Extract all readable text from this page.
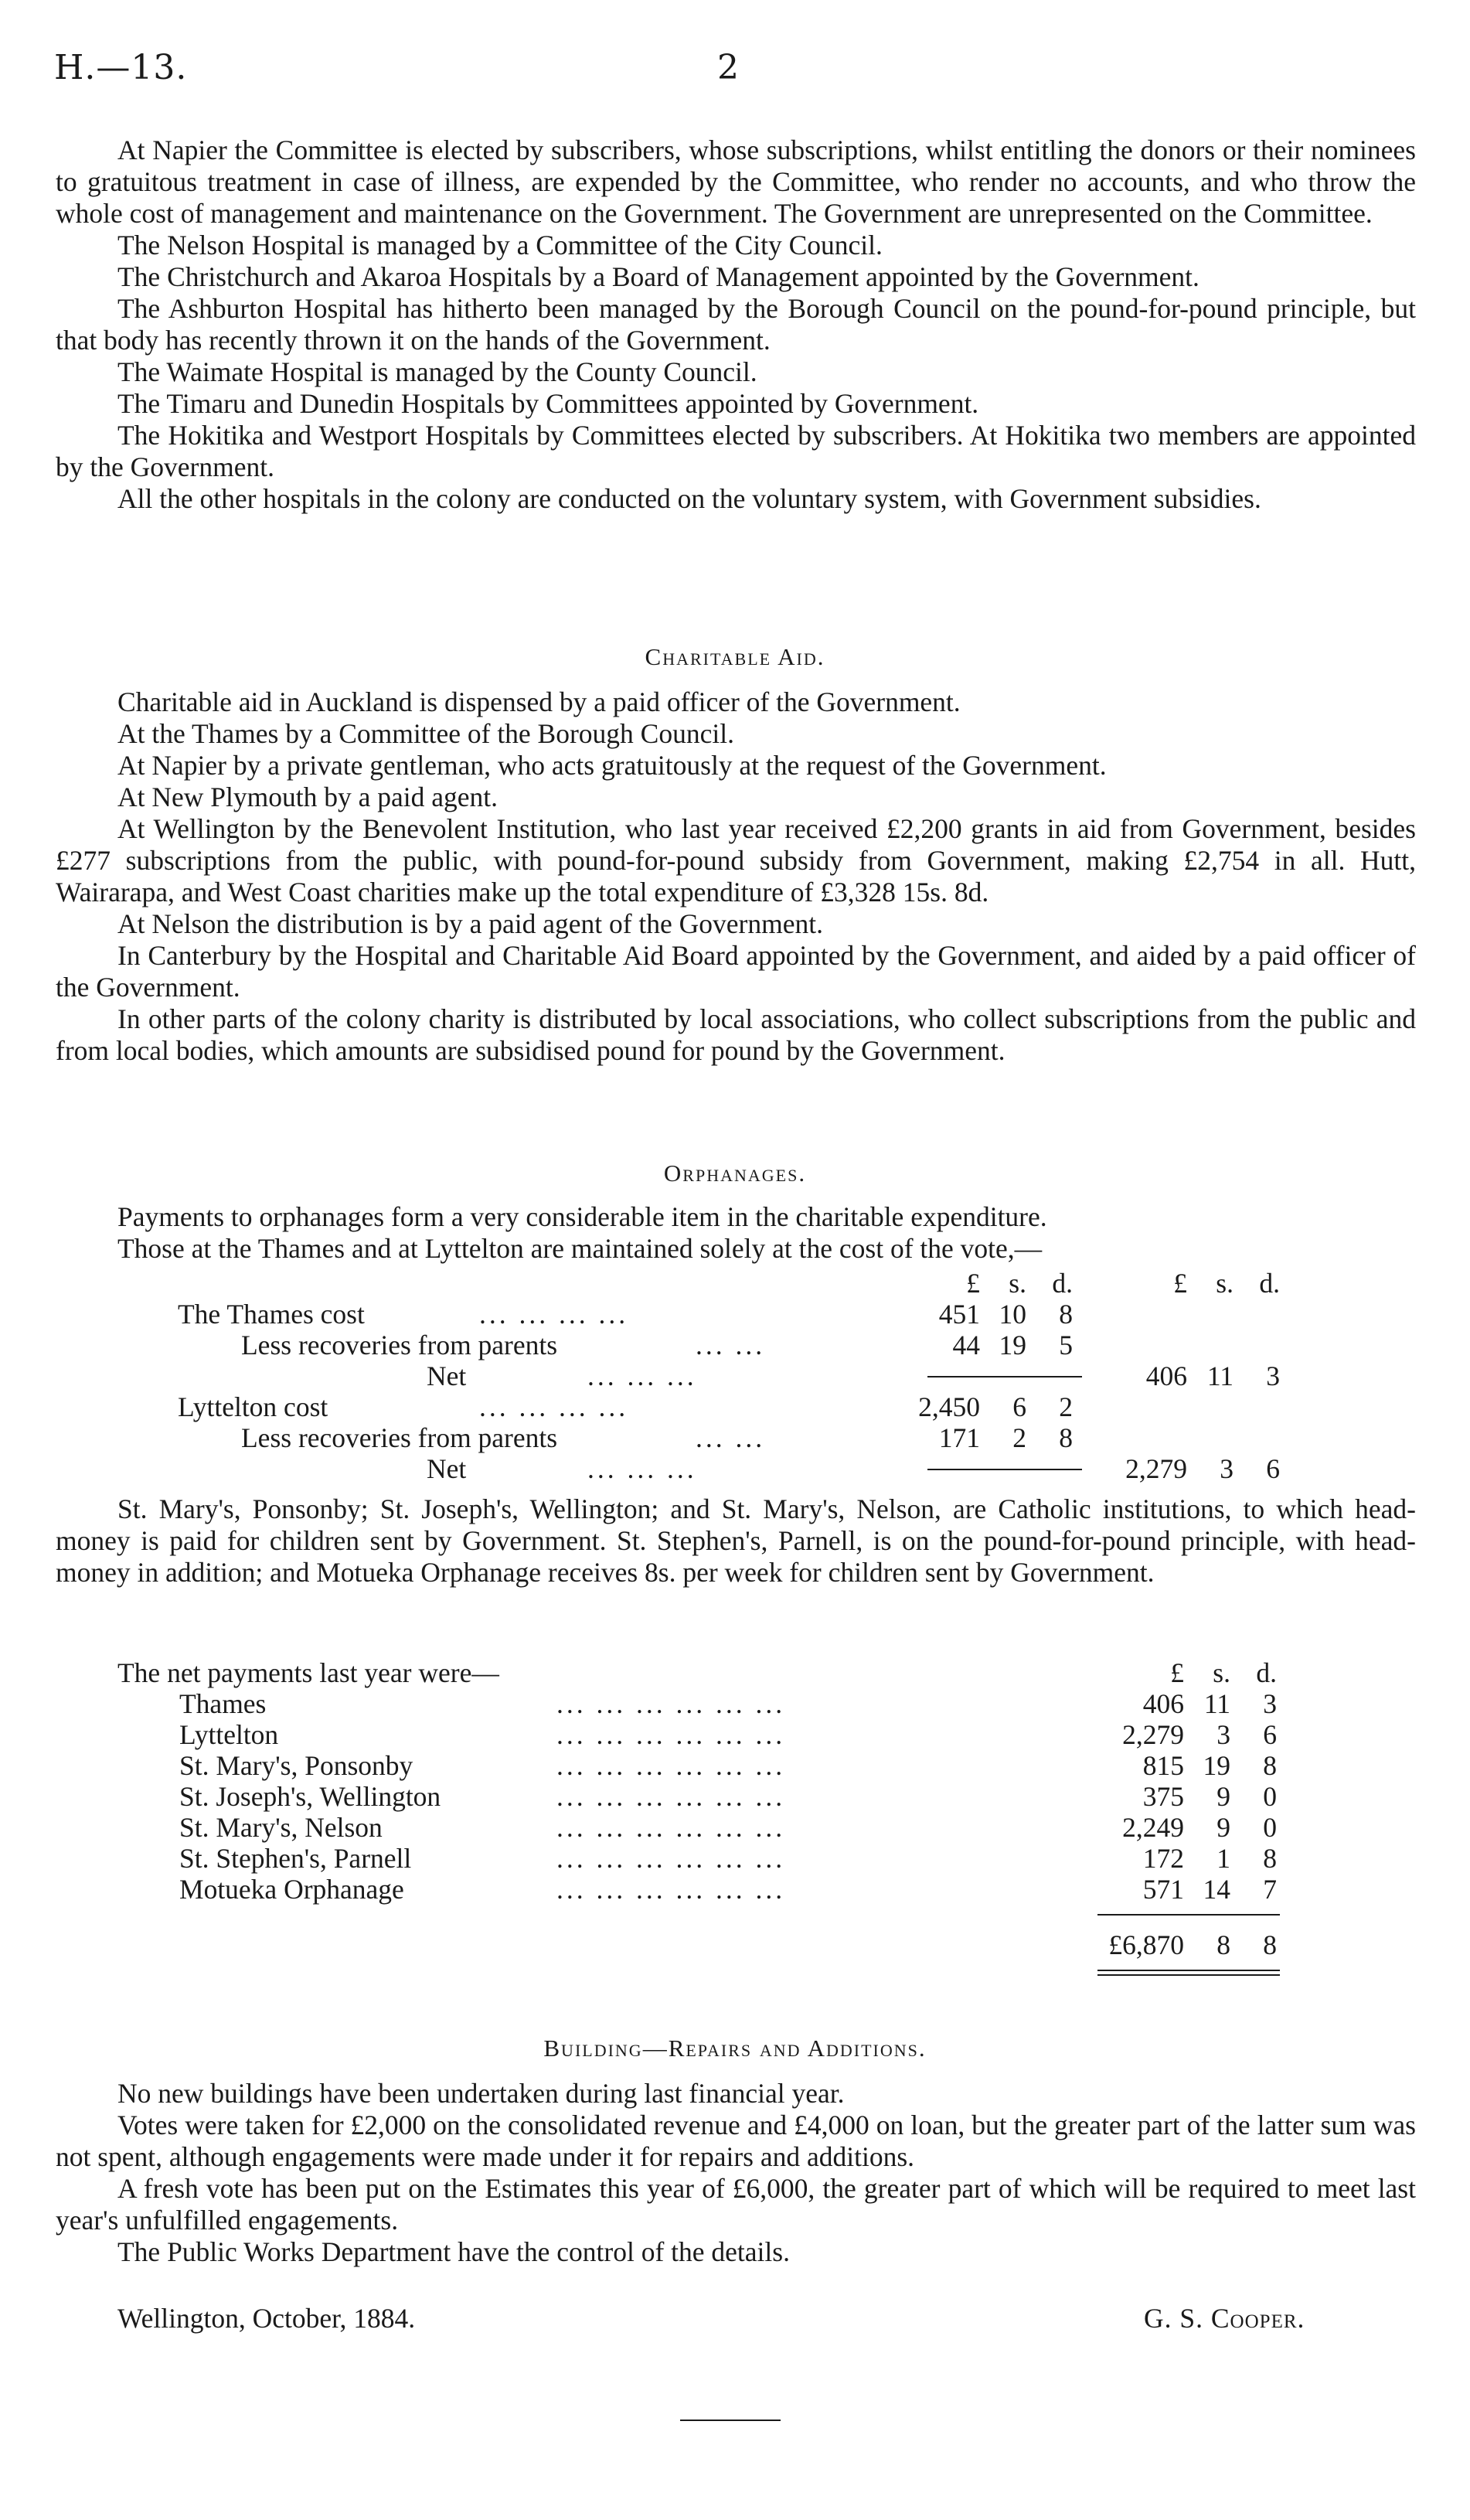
H.—13.	2

At Napier the Committee is elected by subscribers, whose subscriptions, whilst entitling the donors or their nominees to gratuitous treatment in case of illness, are expended by the Committee, who render no accounts, and who throw the whole cost of management and maintenance on the Government. The Government are unrepresented on the Committee.

The Nelson Hospital is managed by a Committee of the City Council.

The Christchurch and Akaroa Hospitals by a Board of Management appointed by the Government.

The Ashburton Hospital has hitherto been managed by the Borough Council on the pound-for-pound principle, but that body has recently thrown it on the hands of the Government.

The Waimate Hospital is managed by the County Council.

The Timaru and Dunedin Hospitals by Committees appointed by Government.

The Hokitika and Westport Hospitals by Committees elected by subscribers. At Hokitika two members are appointed by the Government.

All the other hospitals in the colony are conducted on the voluntary system, with Government subsidies.

Charitable Aid.

Charitable aid in Auckland is dispensed by a paid officer of the Government.

At the Thames by a Committee of the Borough Council.

At Napier by a private gentleman, who acts gratuitously at the request of the Government.

At New Plymouth by a paid agent.

At Wellington by the Benevolent Institution, who last year received £2,200 grants in aid from Government, besides £277 subscriptions from the public, with pound-for-pound subsidy from Government, making £2,754 in all. Hutt, Wairarapa, and West Coast charities make up the total expenditure of £3,328 15s. 8d.

At Nelson the distribution is by a paid agent of the Government.

In Canterbury by the Hospital and Charitable Aid Board appointed by the Government, and aided by a paid officer of the Government.

In other parts of the colony charity is distributed by local associations, who collect subscriptions from the public and from local bodies, which amounts are subsidised pound for pound by the Government.

Orphanages.

Payments to orphanages form a very considerable item in the charitable expenditure.

Those at the Thames and at Lyttelton are maintained solely at the cost of the vote,—

£	s. d.	£	s. d.
The Thames cost	... ... ... ...	451 10	8
Less recoveries from parents	... ...	44 19	5
Net	... ... ...	406 11	3
Lyttelton cost	... ... ... ...	2,450	6	2
Less recoveries from parents	... ...	171	2	8
Net	... ... ...	2,279	3	6

St. Mary's, Ponsonby; St. Joseph's, Wellington; and St. Mary's, Nelson, are Catholic institutions, to which head-money is paid for children sent by Government. St. Stephen's, Parnell, is on the pound-for-pound principle, with head-money in addition; and Motueka Orphanage receives 8s. per week for children sent by Government.

The net payments last year were—	£	s. d.
Thames	... ... ... ... ... ...	406 11	3
Lyttelton	... ... ... ... ... ...	2,279	3	6
St. Mary's, Ponsonby	... ... ... ... ... ...	815 19	8
St. Joseph's, Wellington	... ... ... ... ... ...	375	9	0
St. Mary's, Nelson	... ... ... ... ... ...	2,249	9	0
St. Stephen's, Parnell	... ... ... ... ... ...	172	1	8
Motueka Orphanage	... ... ... ... ... ...	571 14	7
£6,870	8	8
Building—Repairs and Additions.

No new buildings have been undertaken during last financial year.

Votes were taken for £2,000 on the consolidated revenue and £4,000 on loan, but the greater part of the latter sum was not spent, although engagements were made under it for repairs and additions.

A fresh vote has been put on the Estimates this year of £6,000, the greater part of which will be required to meet last year's unfulfilled engagements.

The Public Works Department have the control of the details.

Wellington, October, 1884.	G. S. Cooper.
